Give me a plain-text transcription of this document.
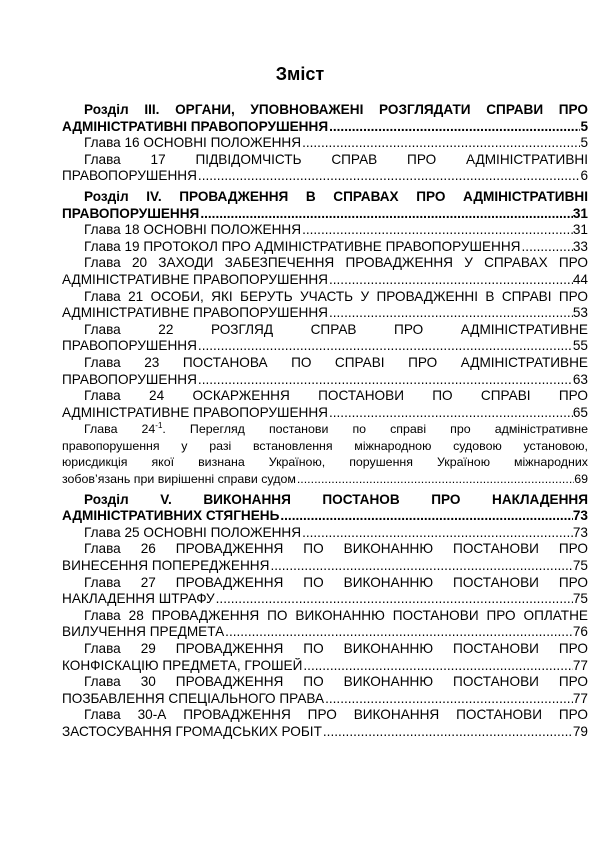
Зміст
Розділ III. ОРГАНИ, УПОВНОВАЖЕНІ РОЗГЛЯДАТИ СПРАВИ ПРО
АДМІНІСТРАТИВНІ ПРАВОПОРУШЕННЯ .....	5
Глава 16 ОСНОВНІ ПОЛОЖЕННЯ .....	5
Глава 17 ПІДВІДОМЧІСТЬ СПРАВ ПРО АДМІНІСТРАТИВНІ
ПРАВОПОРУШЕННЯ .....	6
Розділ IV. ПРОВАДЖЕННЯ В СПРАВАХ ПРО АДМІНІСТРАТИВНІ
ПРАВОПОРУШЕННЯ .....	31
Глава 18 ОСНОВНІ ПОЛОЖЕННЯ .....	31
Глава 19 ПРОТОКОЛ ПРО АДМІНІСТРАТИВНЕ ПРАВОПОРУШЕННЯ .....	33
Глава 20 ЗАХОДИ ЗАБЕЗПЕЧЕННЯ ПРОВАДЖЕННЯ У СПРАВАХ ПРО
АДМІНІСТРАТИВНЕ ПРАВОПОРУШЕННЯ .....	44
Глава 21 ОСОБИ, ЯКІ БЕРУТЬ УЧАСТЬ У ПРОВАДЖЕННІ В СПРАВІ ПРО
АДМІНІСТРАТИВНЕ ПРАВОПОРУШЕННЯ .....	53
Глава 22 РОЗГЛЯД СПРАВ ПРО АДМІНІСТРАТИВНЕ
ПРАВОПОРУШЕННЯ .....	55
Глава 23 ПОСТАНОВА ПО СПРАВІ ПРО АДМІНІСТРАТИВНЕ
ПРАВОПОРУШЕННЯ .....	63
Глава 24 ОСКАРЖЕННЯ ПОСТАНОВИ ПО СПРАВІ ПРО
АДМІНІСТРАТИВНЕ ПРАВОПОРУШЕННЯ .....	65
Глава $24^{-1}$. Перегляд постанови по справі про адміністративне
правопорушення у разі встановлення міжнародною судовою установою,
юрисдикція якої визнана Україною, порушення Україною міжнародних
зобов’язань при вирішенні справи судом .....	69
Розділ V. ВИКОНАННЯ ПОСТАНОВ ПРО НАКЛАДЕННЯ
АДМІНІСТРАТИВНИХ СТЯГНЕНЬ .....	73
Глава 25 ОСНОВНІ ПОЛОЖЕННЯ .....	73
Глава 26 ПРОВАДЖЕННЯ ПО ВИКОНАННЮ ПОСТАНОВИ ПРО
ВИНЕСЕННЯ ПОПЕРЕДЖЕННЯ .....	75
Глава 27 ПРОВАДЖЕННЯ ПО ВИКОНАННЮ ПОСТАНОВИ ПРО
НАКЛАДЕННЯ ШТРАФУ .....	75
Глава 28 ПРОВАДЖЕННЯ ПО ВИКОНАННЮ ПОСТАНОВИ ПРО ОПЛАТНЕ
ВИЛУЧЕННЯ ПРЕДМЕТА .....	76
Глава 29 ПРОВАДЖЕННЯ ПО ВИКОНАННЮ ПОСТАНОВИ ПРО
КОНФІСКАЦІЮ ПРЕДМЕТА, ГРОШЕЙ .....	77
Глава 30 ПРОВАДЖЕННЯ ПО ВИКОНАННЮ ПОСТАНОВИ ПРО
ПОЗБАВЛЕННЯ СПЕЦІАЛЬНОГО ПРАВА .....	77
Глава 30-А ПРОВАДЖЕННЯ ПРО ВИКОНАННЯ ПОСТАНОВИ ПРО
ЗАСТОСУВАННЯ ГРОМАДСЬКИХ РОБІТ .....	79
